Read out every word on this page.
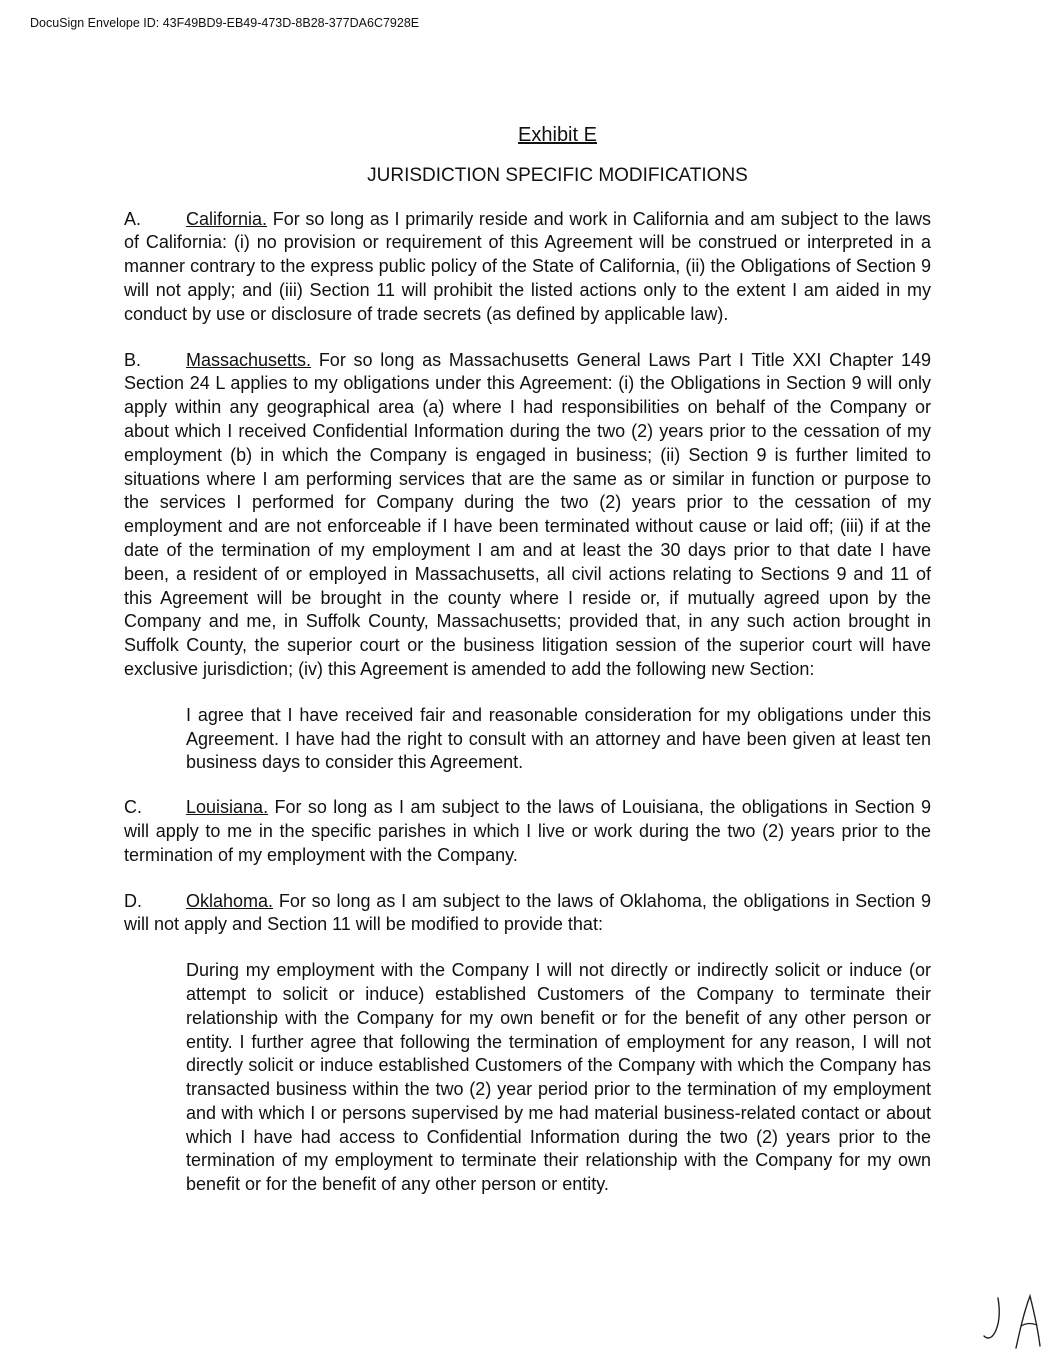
DocuSign Envelope ID: 43F49BD9-EB49-473D-8B28-377DA6C7928E
Exhibit E
JURISDICTION SPECIFIC MODIFICATIONS
A. California. For so long as I primarily reside and work in California and am subject to the laws of California: (i) no provision or requirement of this Agreement will be construed or interpreted in a manner contrary to the express public policy of the State of California, (ii) the Obligations of Section 9 will not apply; and (iii) Section 11 will prohibit the listed actions only to the extent I am aided in my conduct by use or disclosure of trade secrets (as defined by applicable law).
B. Massachusetts. For so long as Massachusetts General Laws Part I Title XXI Chapter 149 Section 24 L applies to my obligations under this Agreement: (i) the Obligations in Section 9 will only apply within any geographical area (a) where I had responsibilities on behalf of the Company or about which I received Confidential Information during the two (2) years prior to the cessation of my employment (b) in which the Company is engaged in business; (ii) Section 9 is further limited to situations where I am performing services that are the same as or similar in function or purpose to the services I performed for Company during the two (2) years prior to the cessation of my employment and are not enforceable if I have been terminated without cause or laid off; (iii) if at the date of the termination of my employment I am and at least the 30 days prior to that date I have been, a resident of or employed in Massachusetts, all civil actions relating to Sections 9 and 11 of this Agreement will be brought in the county where I reside or, if mutually agreed upon by the Company and me, in Suffolk County, Massachusetts; provided that, in any such action brought in Suffolk County, the superior court or the business litigation session of the superior court will have exclusive jurisdiction; (iv) this Agreement is amended to add the following new Section:
I agree that I have received fair and reasonable consideration for my obligations under this Agreement. I have had the right to consult with an attorney and have been given at least ten business days to consider this Agreement.
C. Louisiana. For so long as I am subject to the laws of Louisiana, the obligations in Section 9 will apply to me in the specific parishes in which I live or work during the two (2) years prior to the termination of my employment with the Company.
D. Oklahoma. For so long as I am subject to the laws of Oklahoma, the obligations in Section 9 will not apply and Section 11 will be modified to provide that:
During my employment with the Company I will not directly or indirectly solicit or induce (or attempt to solicit or induce) established Customers of the Company to terminate their relationship with the Company for my own benefit or for the benefit of any other person or entity. I further agree that following the termination of employment for any reason, I will not directly solicit or induce established Customers of the Company with which the Company has transacted business within the two (2) year period prior to the termination of my employment and with which I or persons supervised by me had material business-related contact or about which I have had access to Confidential Information during the two (2) years prior to the termination of my employment to terminate their relationship with the Company for my own benefit or for the benefit of any other person or entity.
